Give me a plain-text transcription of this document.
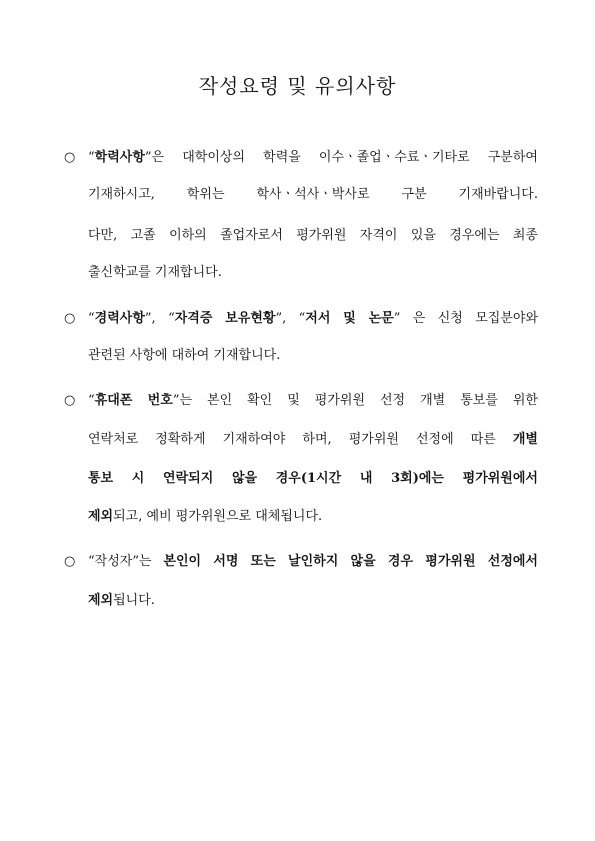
작성요령 및 유의사항
○ “학력사항”은 대학이상의 학력을 이수ㆍ졸업ㆍ수료ㆍ기타로 구분하여
기재하시고, 학위는 학사ㆍ석사ㆍ박사로 구분 기재바랍니다.
다만, 고졸 이하의 졸업자로서 평가위원 자격이 있을 경우에는 최종
출신학교를 기재합니다.
○ “경력사항”, “자격증 보유현황”, “저서 및 논문” 은 신청 모집분야와
관련된 사항에 대하여 기재합니다.
○ “휴대폰 번호”는 본인 확인 및 평가위원 선정 개별 통보를 위한
연락처로 정확하게 기재하여야 하며, 평가위원 선정에 따른 개별
통보 시 연락되지 않을 경우(1시간 내 3회)에는 평가위원에서
제외되고, 예비 평가위원으로 대체됩니다.
○ “작성자”는 본인이 서명 또는 날인하지 않을 경우 평가위원 선정에서
제외됩니다.
